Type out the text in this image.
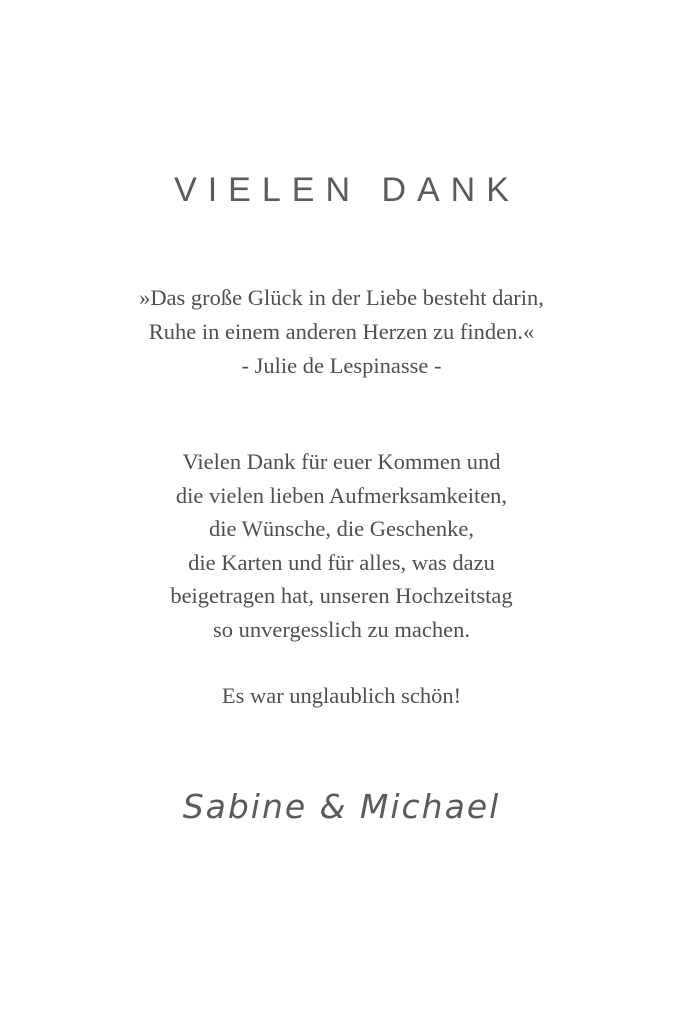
VIELEN DANK
»Das große Glück in der Liebe besteht darin,
Ruhe in einem anderen Herzen zu finden.«
- Julie de Lespinasse -
Vielen Dank für euer Kommen und
die vielen lieben Aufmerksamkeiten,
die Wünsche, die Geschenke,
die Karten und für alles, was dazu
beigetragen hat, unseren Hochzeitstag
so unvergesslich zu machen.
Es war unglaublich schön!
Sabine & Michael
